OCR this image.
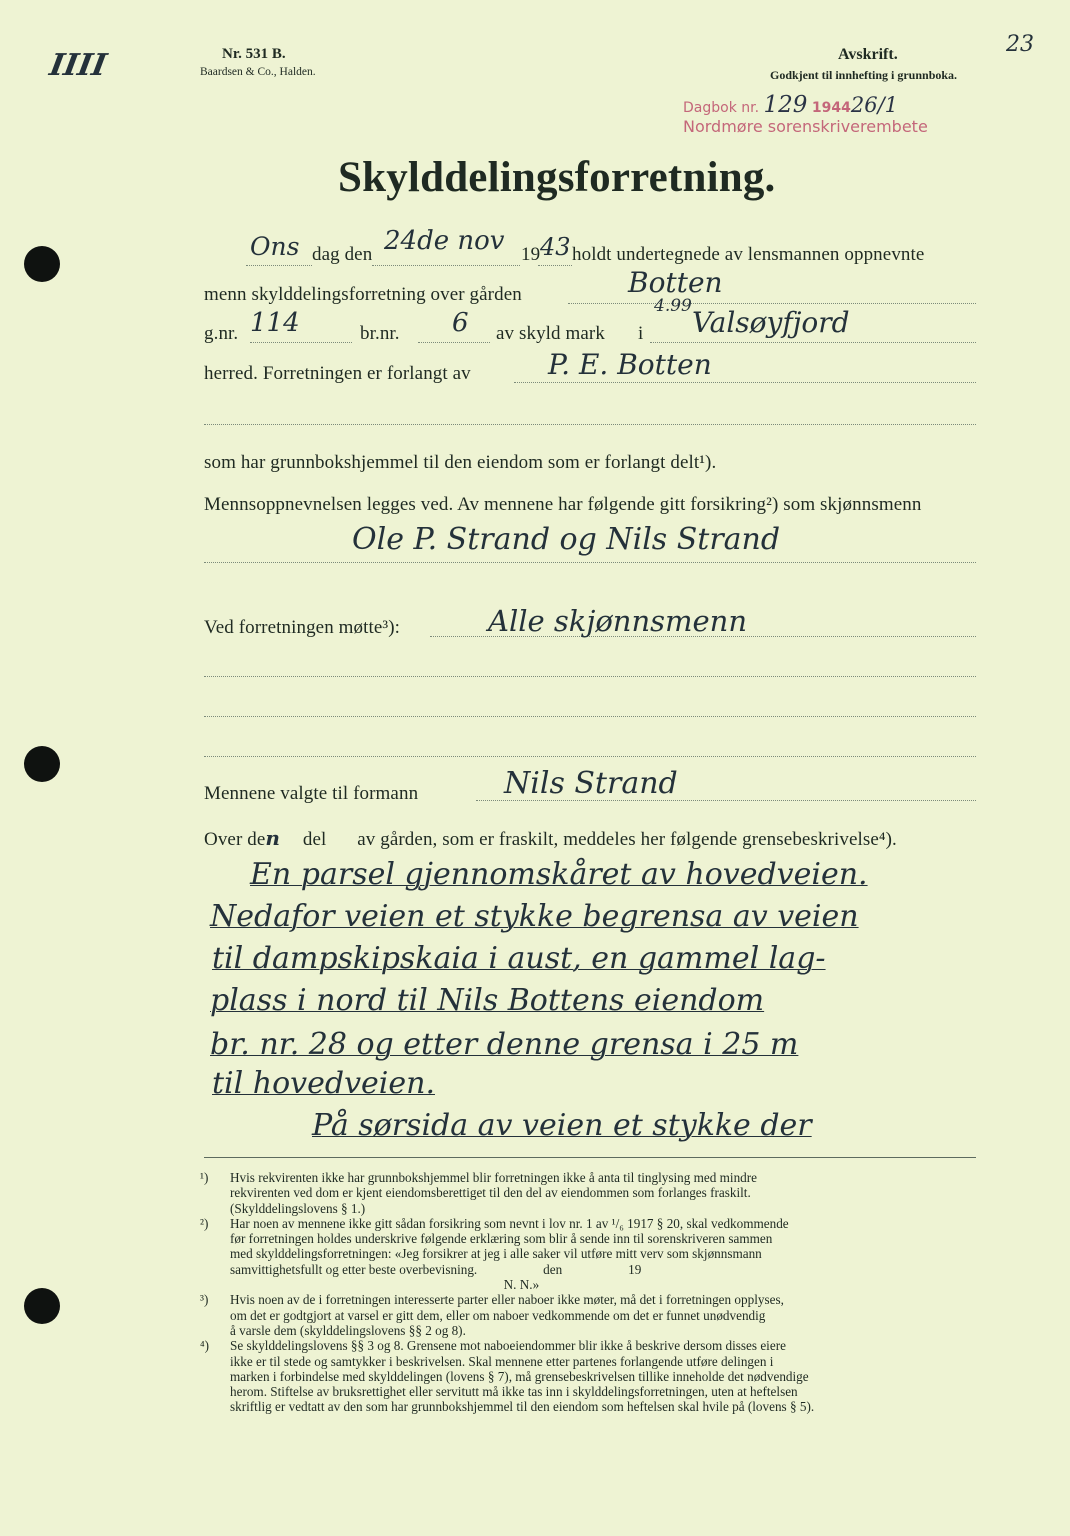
IIII
23
Nr. 531 B.
Baardsen & Co., Halden.
Avskrift.
Godkjent til innhefting i grunnboka.
Dagbok nr. 129 194426/1
Nordmøre sorenskriverembete
Skylddelingsforretning.
Ons dag den 24de nov 19 43 holdt undertegnede av lensmannen oppnevnte
menn skylddelingsforretning over gården	Botten
g.nr. 114	br.nr. 6 av skyld mark
4.99
i Valsøyfjord
herred. Forretningen er forlangt av	P. E. Botten
som har grunnbokshjemmel til den eiendom som er forlangt delt¹).
Mennsoppnevnelsen legges ved. Av mennene har følgende gitt forsikring²) som skjønnsmenn
Ole P. Strand og Nils Strand
Ved forretningen møtte³):	Alle skjønnsmenn
Mennene valgte til formann	Nils Strand
Over den del av gården, som er fraskilt, meddeles her følgende grensebeskrivelse⁴).
En parsel gjennomskåret av hovedveien.
Nedafor veien et stykke begrensa av veien
til dampskipskaia i aust, en gammel lag-
plass i nord til Nils Bottens eiendom
br. nr. 28 og etter denne grensa i 25 m
til hovedveien.
På sørsida av veien et stykke der
¹) Hvis rekvirenten ikke har grunnbokshjemmel blir forretningen ikke å anta til tinglysing med mindre
rekvirenten ved dom er kjent eiendomsberettiget til den del av eiendommen som forlanges fraskilt.
(Skylddelingslovens § 1.)
²) Har noen av mennene ikke gitt sådan forsikring som nevnt i lov nr. 1 av ¹/₆ 1917 § 20, skal vedkommende
før forretningen holdes underskrive følgende erklæring som blir å sende inn til sorenskriveren sammen
med skylddelingsforretningen: «Jeg forsikrer at jeg i alle saker vil utføre mitt verv som skjønnsmann
samvittighetsfullt og etter beste overbevisning.                    den                    19
N. N.»
³) Hvis noen av de i forretningen interesserte parter eller naboer ikke møter, må det i forretningen opplyses,
om det er godtgjort at varsel er gitt dem, eller om naboer vedkommende om det er funnet unødvendig
å varsle dem (skylddelingslovens §§ 2 og 8).
⁴) Se skylddelingslovens §§ 3 og 8. Grensene mot naboeiendommer blir ikke å beskrive dersom disses eiere
ikke er til stede og samtykker i beskrivelsen. Skal mennene etter partenes forlangende utføre delingen i
marken i forbindelse med skylddelingen (lovens § 7), må grensebeskrivelsen tillike inneholde det nødvendige
herom. Stiftelse av bruksrettighet eller servitutt må ikke tas inn i skylddelingsforretningen, uten at heftelsen
skriftlig er vedtatt av den som har grunnbokshjemmel til den eiendom som heftelsen skal hvile på (lovens § 5).
